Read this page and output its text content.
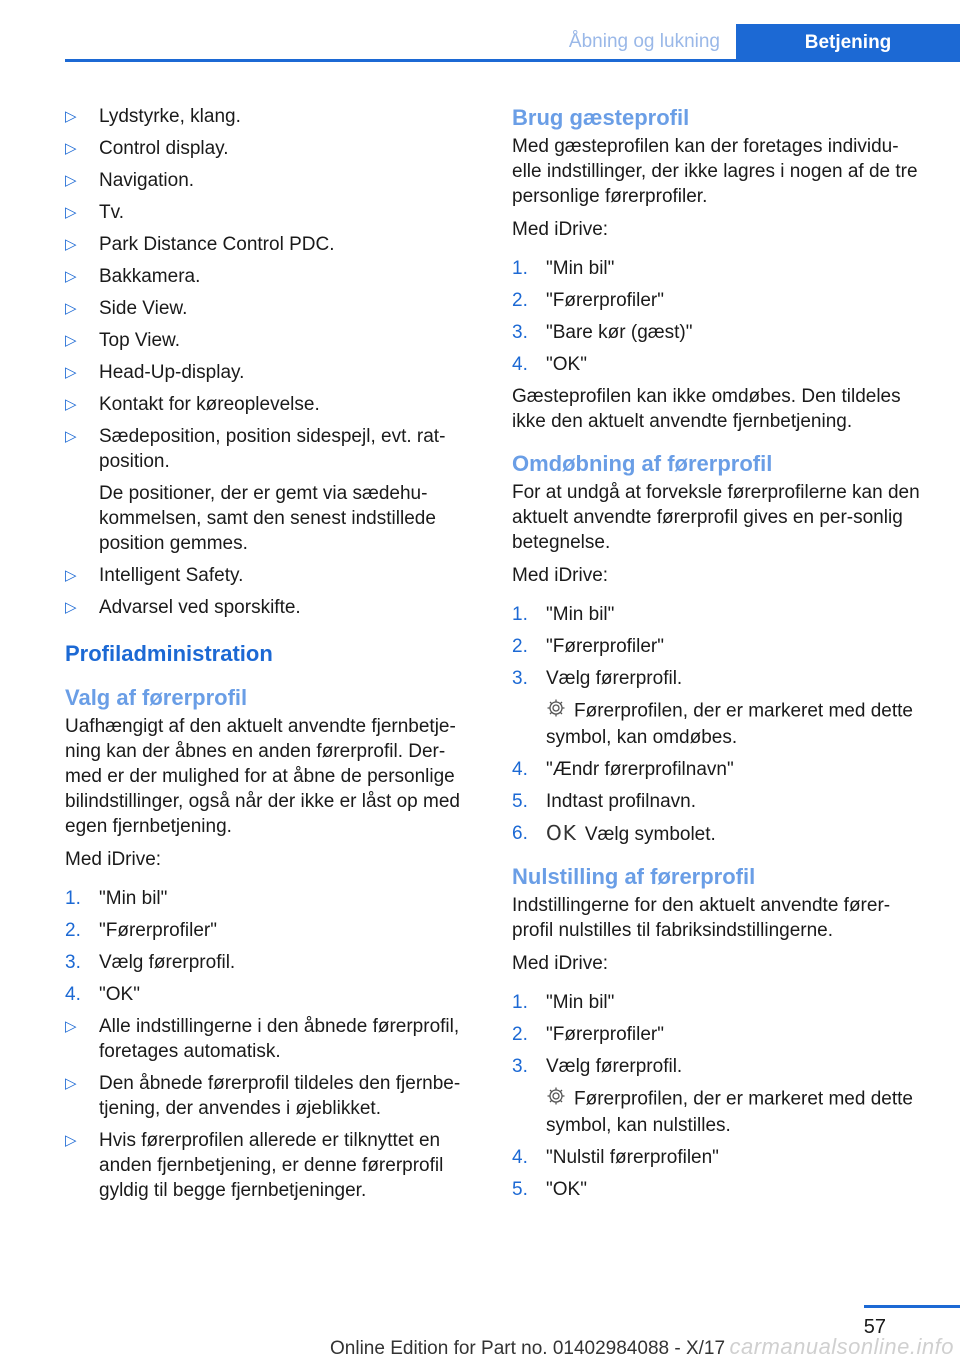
Åbning og lukning	Betjening
▷ Lydstyrke, klang.
▷ Control display.
▷ Navigation.
▷ Tv.
▷ Park Distance Control PDC.
▷ Bakkamera.
▷ Side View.
▷ Top View.
▷ Head-Up-display.
▷ Kontakt for køreoplevelse.
▷ Sædeposition, position sidespejl, evt. rat‐position.
De positioner, der er gemt via sædehu‐kommelsen, samt den senest indstillede position gemmes.
▷ Intelligent Safety.
▷ Advarsel ved sporskifte.
Profiladministration
Valg af førerprofil

Uafhængigt af den aktuelt anvendte fjernbetje‐ning kan der åbnes en anden førerprofil. Der‐med er der mulighed for at åbne de personlige bilindstillinger, også når der ikke er låst op med egen fjernbetjening.

Med iDrive:

1. "Min bil"
2. "Førerprofiler"
3. Vælg førerprofil.
4. "OK"
▷ Alle indstillingerne i den åbnede førerprofil, foretages automatisk.
▷ Den åbnede førerprofil tildeles den fjernbe‐tjening, der anvendes i øjeblikket.
▷ Hvis førerprofilen allerede er tilknyttet en anden fjernbetjening, er denne førerprofil gyldig til begge fjernbetjeninger.
Brug gæsteprofil

Med gæsteprofilen kan der foretages individu‐elle indstillinger, der ikke lagres i nogen af de tre personlige førerprofiler.

Med iDrive:

1. "Min bil"
2. "Førerprofiler"
3. "Bare kør (gæst)"
4. "OK"

Gæsteprofilen kan ikke omdøbes. Den tildeles ikke den aktuelt anvendte fjernbetjening.

Omdøbning af førerprofil

For at undgå at forveksle førerprofilerne kan den aktuelt anvendte førerprofil gives en per‐sonlig betegnelse.

Med iDrive:

1. "Min bil"
2. "Førerprofiler"
3. Vælg førerprofil.
Førerprofilen, der er markeret med dette symbol, kan omdøbes.
4. "Ændr førerprofilnavn"
5. Indtast profilnavn.
6. OK Vælg symbolet.
Nulstilling af førerprofil

Indstillingerne for den aktuelt anvendte fører‐profil nulstilles til fabriksindstillingerne.

Med iDrive:

1. "Min bil"
2. "Førerprofiler"
3. Vælg førerprofil.
Førerprofilen, der er markeret med dette symbol, kan nulstilles.
4. "Nulstil førerprofilen"
5. "OK"
57
Online Edition for Part no. 01402984088 - X/17 carmanualsonline.info
